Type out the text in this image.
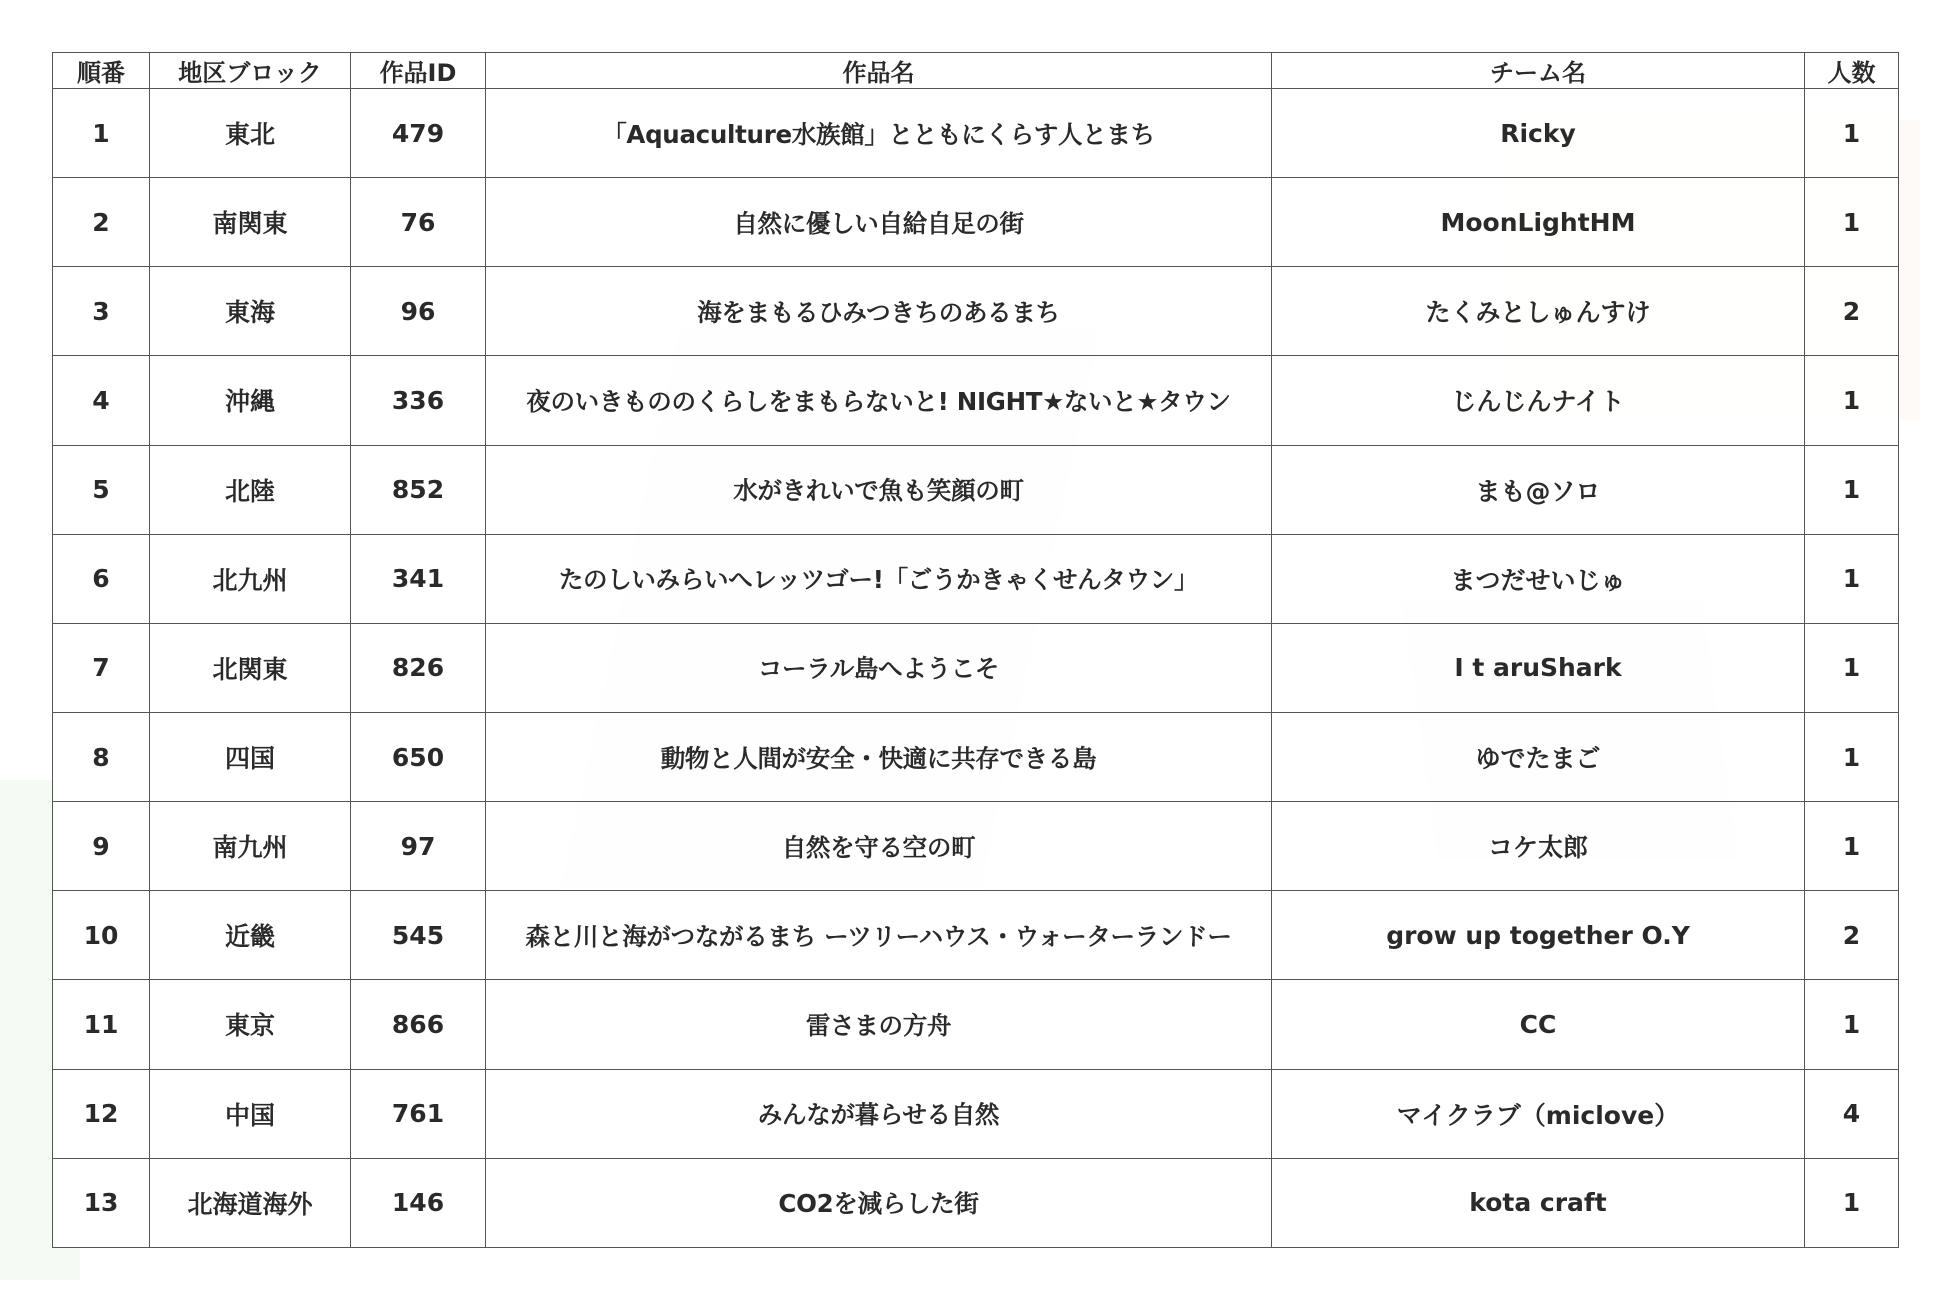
順番	地区ブロック	作品ID	作品名	チーム名	人数
1	東北	479	「Aquaculture水族館」とともにくらす人とまち	Ricky	1
2	南関東	76	自然に優しい自給自足の街	MoonLightHM	1
3	東海	96	海をまもるひみつきちのあるまち	たくみとしゅんすけ	2
4	沖縄	336	夜のいきもののくらしをまもらないと! NIGHT★ないと★タウン	じんじんナイト	1
5	北陸	852	水がきれいで魚も笑顔の町	まも@ソロ	1
6	北九州	341	たのしいみらいへレッツゴー!「ごうかきゃくせんタウン」	まつだせいじゅ	1
7	北関東	826	コーラル島へようこそ	I t aruShark	1
8	四国	650	動物と人間が安全・快適に共存できる島	ゆでたまご	1
9	南九州	97	自然を守る空の町	コケ太郎	1
10	近畿	545	森と川と海がつながるまち ーツリーハウス・ウォーターランドー	grow up together O.Y	2
11	東京	866	雷さまの方舟	CC	1
12	中国	761	みんなが暮らせる自然	マイクラブ（miclove）	4
13	北海道海外	146	CO2を減らした街	kota craft	1
